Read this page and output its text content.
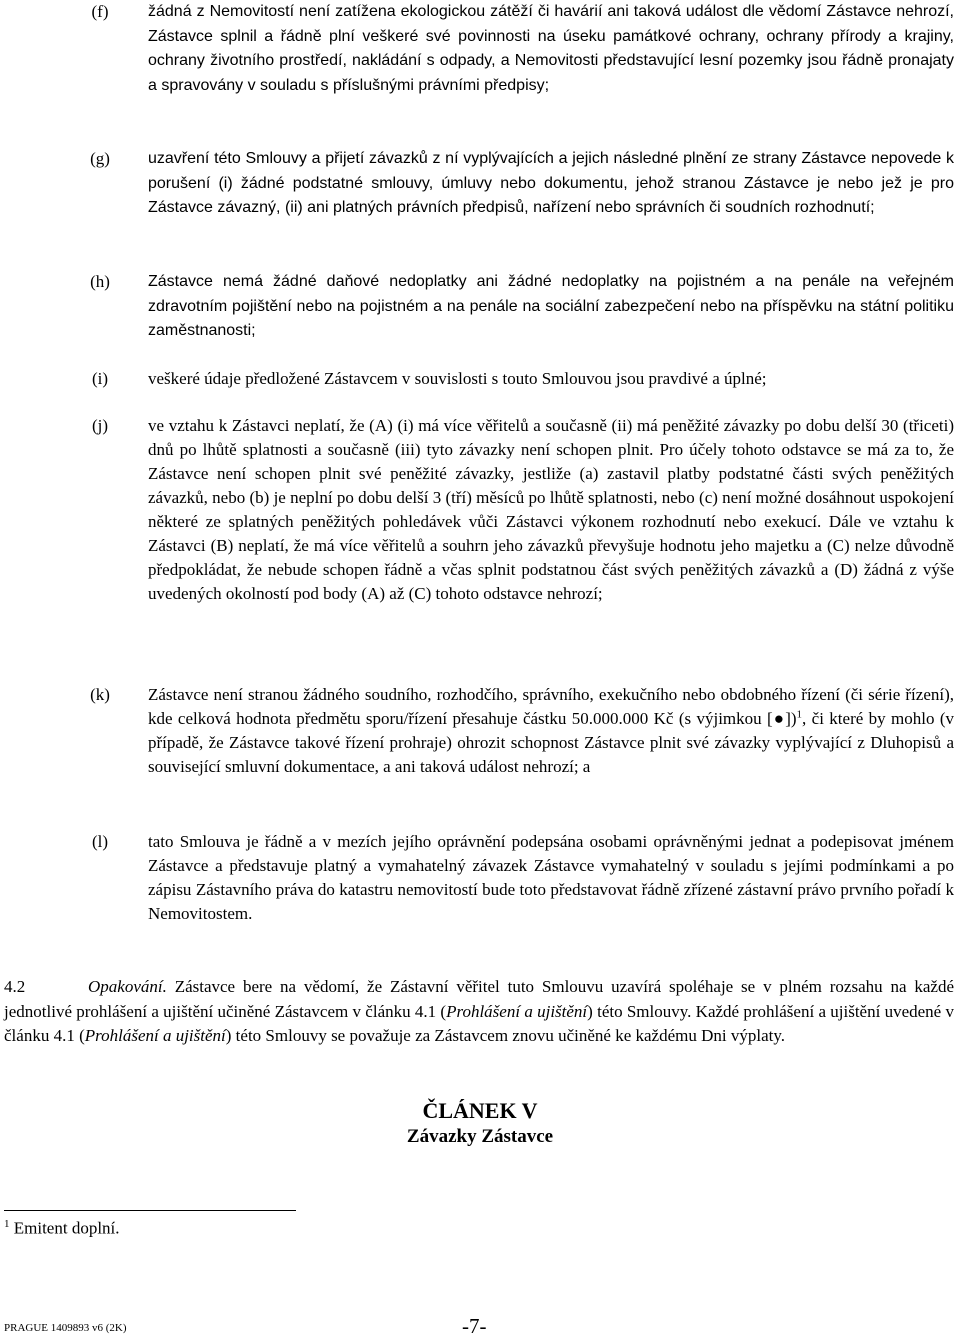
(f)	žádná z Nemovitostí není zatížena ekologickou zátěží či havárií ani taková událost dle vědomí Zástavce nehrozí, Zástavce splnil a řádně plní veškeré své povinnosti na úseku památkové ochrany, ochrany přírody a krajiny, ochrany životního prostředí, nakládání s odpady, a Nemovitosti představující lesní pozemky jsou řádně pronajaty a spravovány v souladu s příslušnými právními předpisy;
(g)	uzavření této Smlouvy a přijetí závazků z ní vyplývajících a jejich následné plnění ze strany Zástavce nepovede k porušení (i) žádné podstatné smlouvy, úmluvy nebo dokumentu, jehož stranou Zástavce je nebo jež je pro Zástavce závazný, (ii) ani platných právních předpisů, nařízení nebo správních či soudních rozhodnutí;
(h)	Zástavce nemá žádné daňové nedoplatky ani žádné nedoplatky na pojistném a na penále na veřejném zdravotním pojištění nebo na pojistném a na penále na sociální zabezpečení nebo na příspěvku na státní politiku zaměstnanosti;
(i)	veškeré údaje předložené Zástavcem v souvislosti s touto Smlouvou jsou pravdivé a úplné;
(j)	ve vztahu k Zástavci neplatí, že (A) (i) má více věřitelů a současně (ii) má peněžité závazky po dobu delší 30 (třiceti) dnů po lhůtě splatnosti a současně (iii) tyto závazky není schopen plnit. Pro účely tohoto odstavce se má za to, že Zástavce není schopen plnit své peněžité závazky, jestliže (a) zastavil platby podstatné části svých peněžitých závazků, nebo (b) je neplní po dobu delší 3 (tří) měsíců po lhůtě splatnosti, nebo (c) není možné dosáhnout uspokojení některé ze splatných peněžitých pohledávek vůči Zástavci výkonem rozhodnutí nebo exekucí. Dále ve vztahu k Zástavci (B) neplatí, že má více věřitelů a souhrn jeho závazků převyšuje hodnotu jeho majetku a (C) nelze důvodně předpokládat, že nebude schopen řádně a včas splnit podstatnou část svých peněžitých závazků a (D) žádná z výše uvedených okolností pod body (A) až (C) tohoto odstavce nehrozí;
(k)	Zástavce není stranou žádného soudního, rozhodčího, správního, exekučního nebo obdobného řízení (či série řízení), kde celková hodnota předmětu sporu/řízení přesahuje částku 50.000.000 Kč (s výjimkou [●])$^1$, či které by mohlo (v případě, že Zástavce takové řízení prohraje) ohrozit schopnost Zástavce plnit své závazky vyplývající z Dluhopisů a související smluvní dokumentace, a ani taková událost nehrozí; a
(l)	tato Smlouva je řádně a v mezích jejího oprávnění podepsána osobami oprávněnými jednat a podepisovat jménem Zástavce a představuje platný a vymahatelný závazek Zástavce vymahatelný v souladu s jejími podmínkami a po zápisu Zástavního práva do katastru nemovitostí bude toto představovat řádně zřízené zástavní právo prvního pořadí k Nemovitostem.
4.2	Opakování. Zástavce bere na vědomí, že Zástavní věřitel tuto Smlouvu uzavírá spoléhaje se v plném rozsahu na každé jednotlivé prohlášení a ujištění učiněné Zástavcem v článku 4.1 (Prohlášení a ujištění) této Smlouvy. Každé prohlášení a ujištění uvedené v článku 4.1 (Prohlášení a ujištění) této Smlouvy se považuje za Zástavcem znovu učiněné ke každému Dni výplaty.
ČLÁNEK V
Závazky Zástavce
$^1$ Emitent doplní.
PRAGUE 1409893 v6 (2K)	-7-
